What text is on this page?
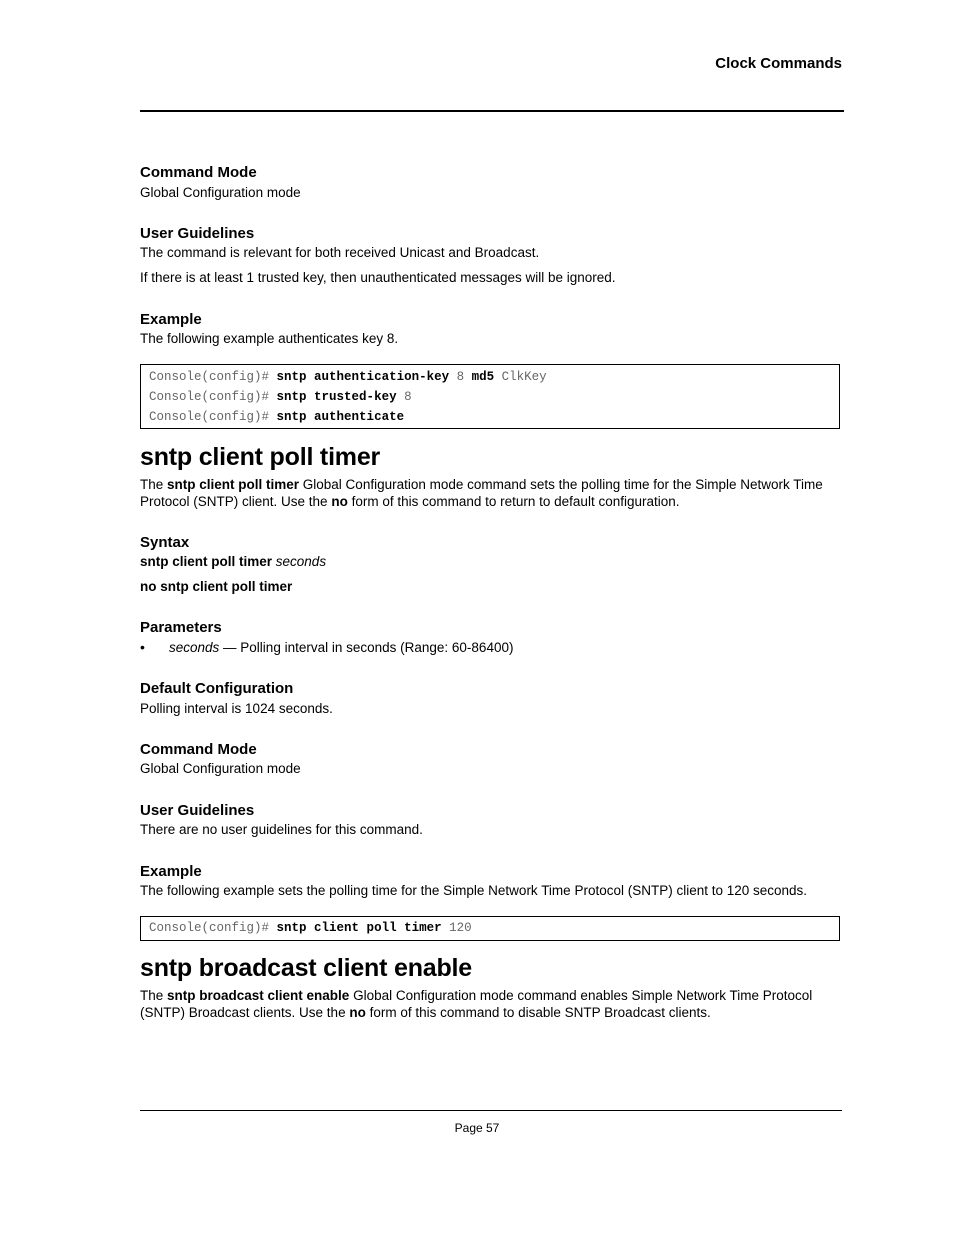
Clock Commands
Command Mode
Global Configuration mode
User Guidelines
The command is relevant for both received Unicast and Broadcast.
If there is at least 1 trusted key, then unauthenticated messages will be ignored.
Example
The following example authenticates key 8.
Console(config)# sntp authentication-key 8 md5 ClkKey
Console(config)# sntp trusted-key 8
Console(config)# sntp authenticate
sntp client poll timer
The sntp client poll timer Global Configuration mode command sets the polling time for the Simple Network Time Protocol (SNTP) client. Use the no form of this command to return to default configuration.
Syntax
sntp client poll timer seconds
no sntp client poll timer
Parameters
• seconds — Polling interval in seconds (Range: 60-86400)
Default Configuration
Polling interval is 1024 seconds.
Command Mode
Global Configuration mode
User Guidelines
There are no user guidelines for this command.
Example
The following example sets the polling time for the Simple Network Time Protocol (SNTP) client to 120 seconds.
Console(config)# sntp client poll timer 120
sntp broadcast client enable
The sntp broadcast client enable Global Configuration mode command enables Simple Network Time Protocol (SNTP) Broadcast clients. Use the no form of this command to disable SNTP Broadcast clients.
Page 57
